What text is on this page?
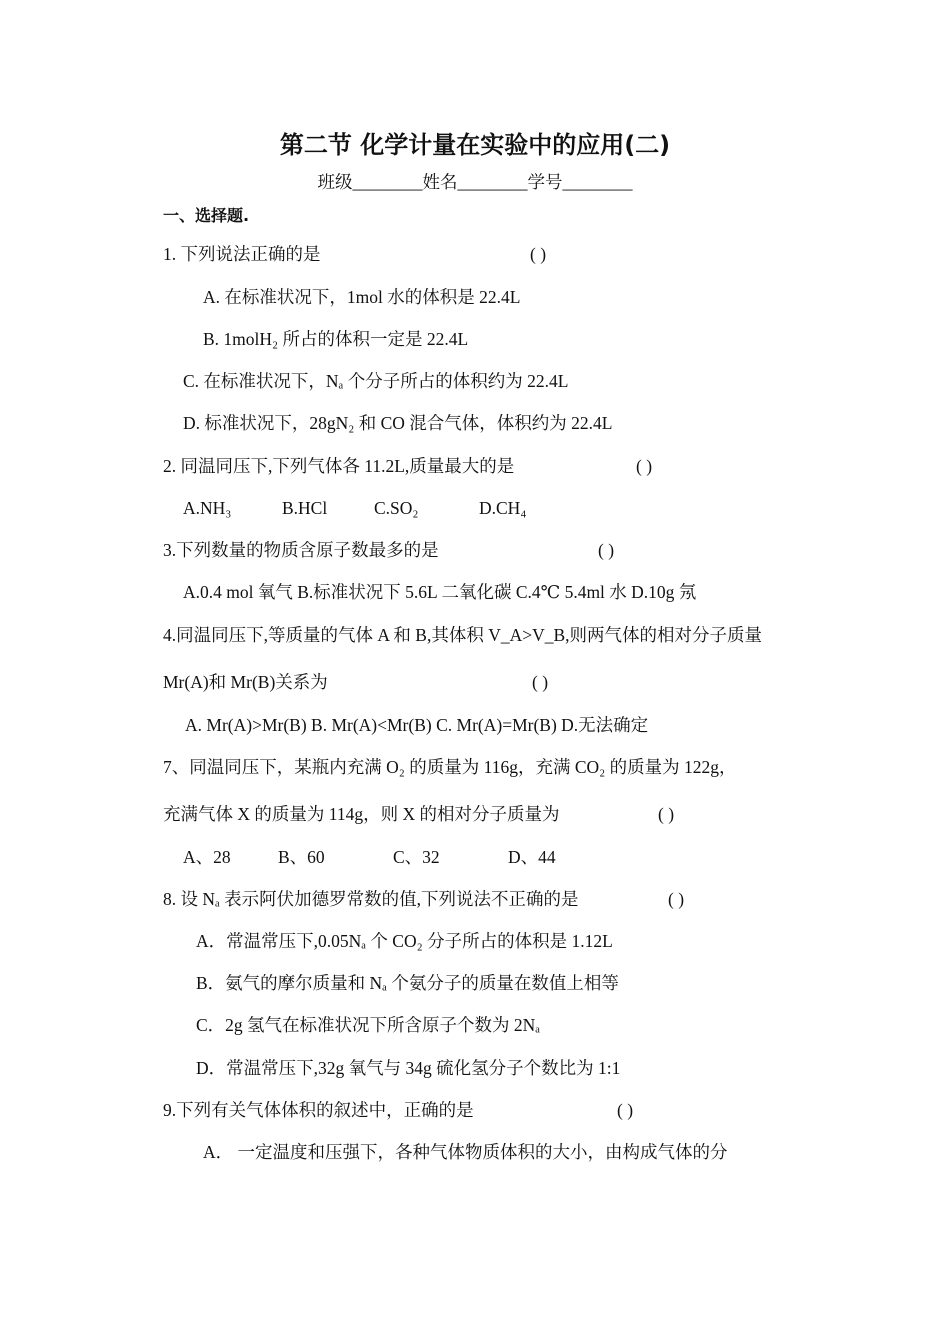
第二节 化学计量在实验中的应用(二)
班级________姓名________学号________
一、选择题.
1. 下列说法正确的是	( )
A. 在标准状况下，1mol 水的体积是 22.4L
B. 1molH₂ 所占的体积一定是 22.4L
C. 在标准状况下，Nₐ 个分子所占的体积约为 22.4L
D. 标准状况下，28gN₂ 和 CO 混合气体，体积约为 22.4L
2. 同温同压下,下列气体各 11.2L,质量最大的是	( )
A.NH₃	B.HCl	C.SO₂	D.CH₄
3.下列数量的物质含原子数最多的是	( )
A.0.4 mol 氧气 B.标准状况下 5.6L 二氧化碳 C.4℃ 5.4ml 水 D.10g 氖
4.同温同压下,等质量的气体 A 和 B,其体积 V_A>V_B,则两气体的相对分子质量
Mr(A)和 Mr(B)关系为	( )
A. Mr(A)>Mr(B) B. Mr(A)<Mr(B) C. Mr(A)=Mr(B) D.无法确定
7、同温同压下，某瓶内充满 O₂ 的质量为 116g，充满 CO₂ 的质量为 122g，
充满气体 X 的质量为 114g，则 X 的相对分子质量为	( )
A、28	B、60	C、32	D、44
8. 设 Nₐ 表示阿伏加德罗常数的值,下列说法不正确的是	( )
A．常温常压下,0.05Nₐ 个 CO₂ 分子所占的体积是 1.12L
B．氨气的摩尔质量和 Nₐ 个氨分子的质量在数值上相等
C．2g 氢气在标准状况下所含原子个数为 2Nₐ
D．常温常压下,32g 氧气与 34g 硫化氢分子个数比为 1:1
9.下列有关气体体积的叙述中，正确的是	( )
A． 一定温度和压强下，各种气体物质体积的大小，由构成气体的分
